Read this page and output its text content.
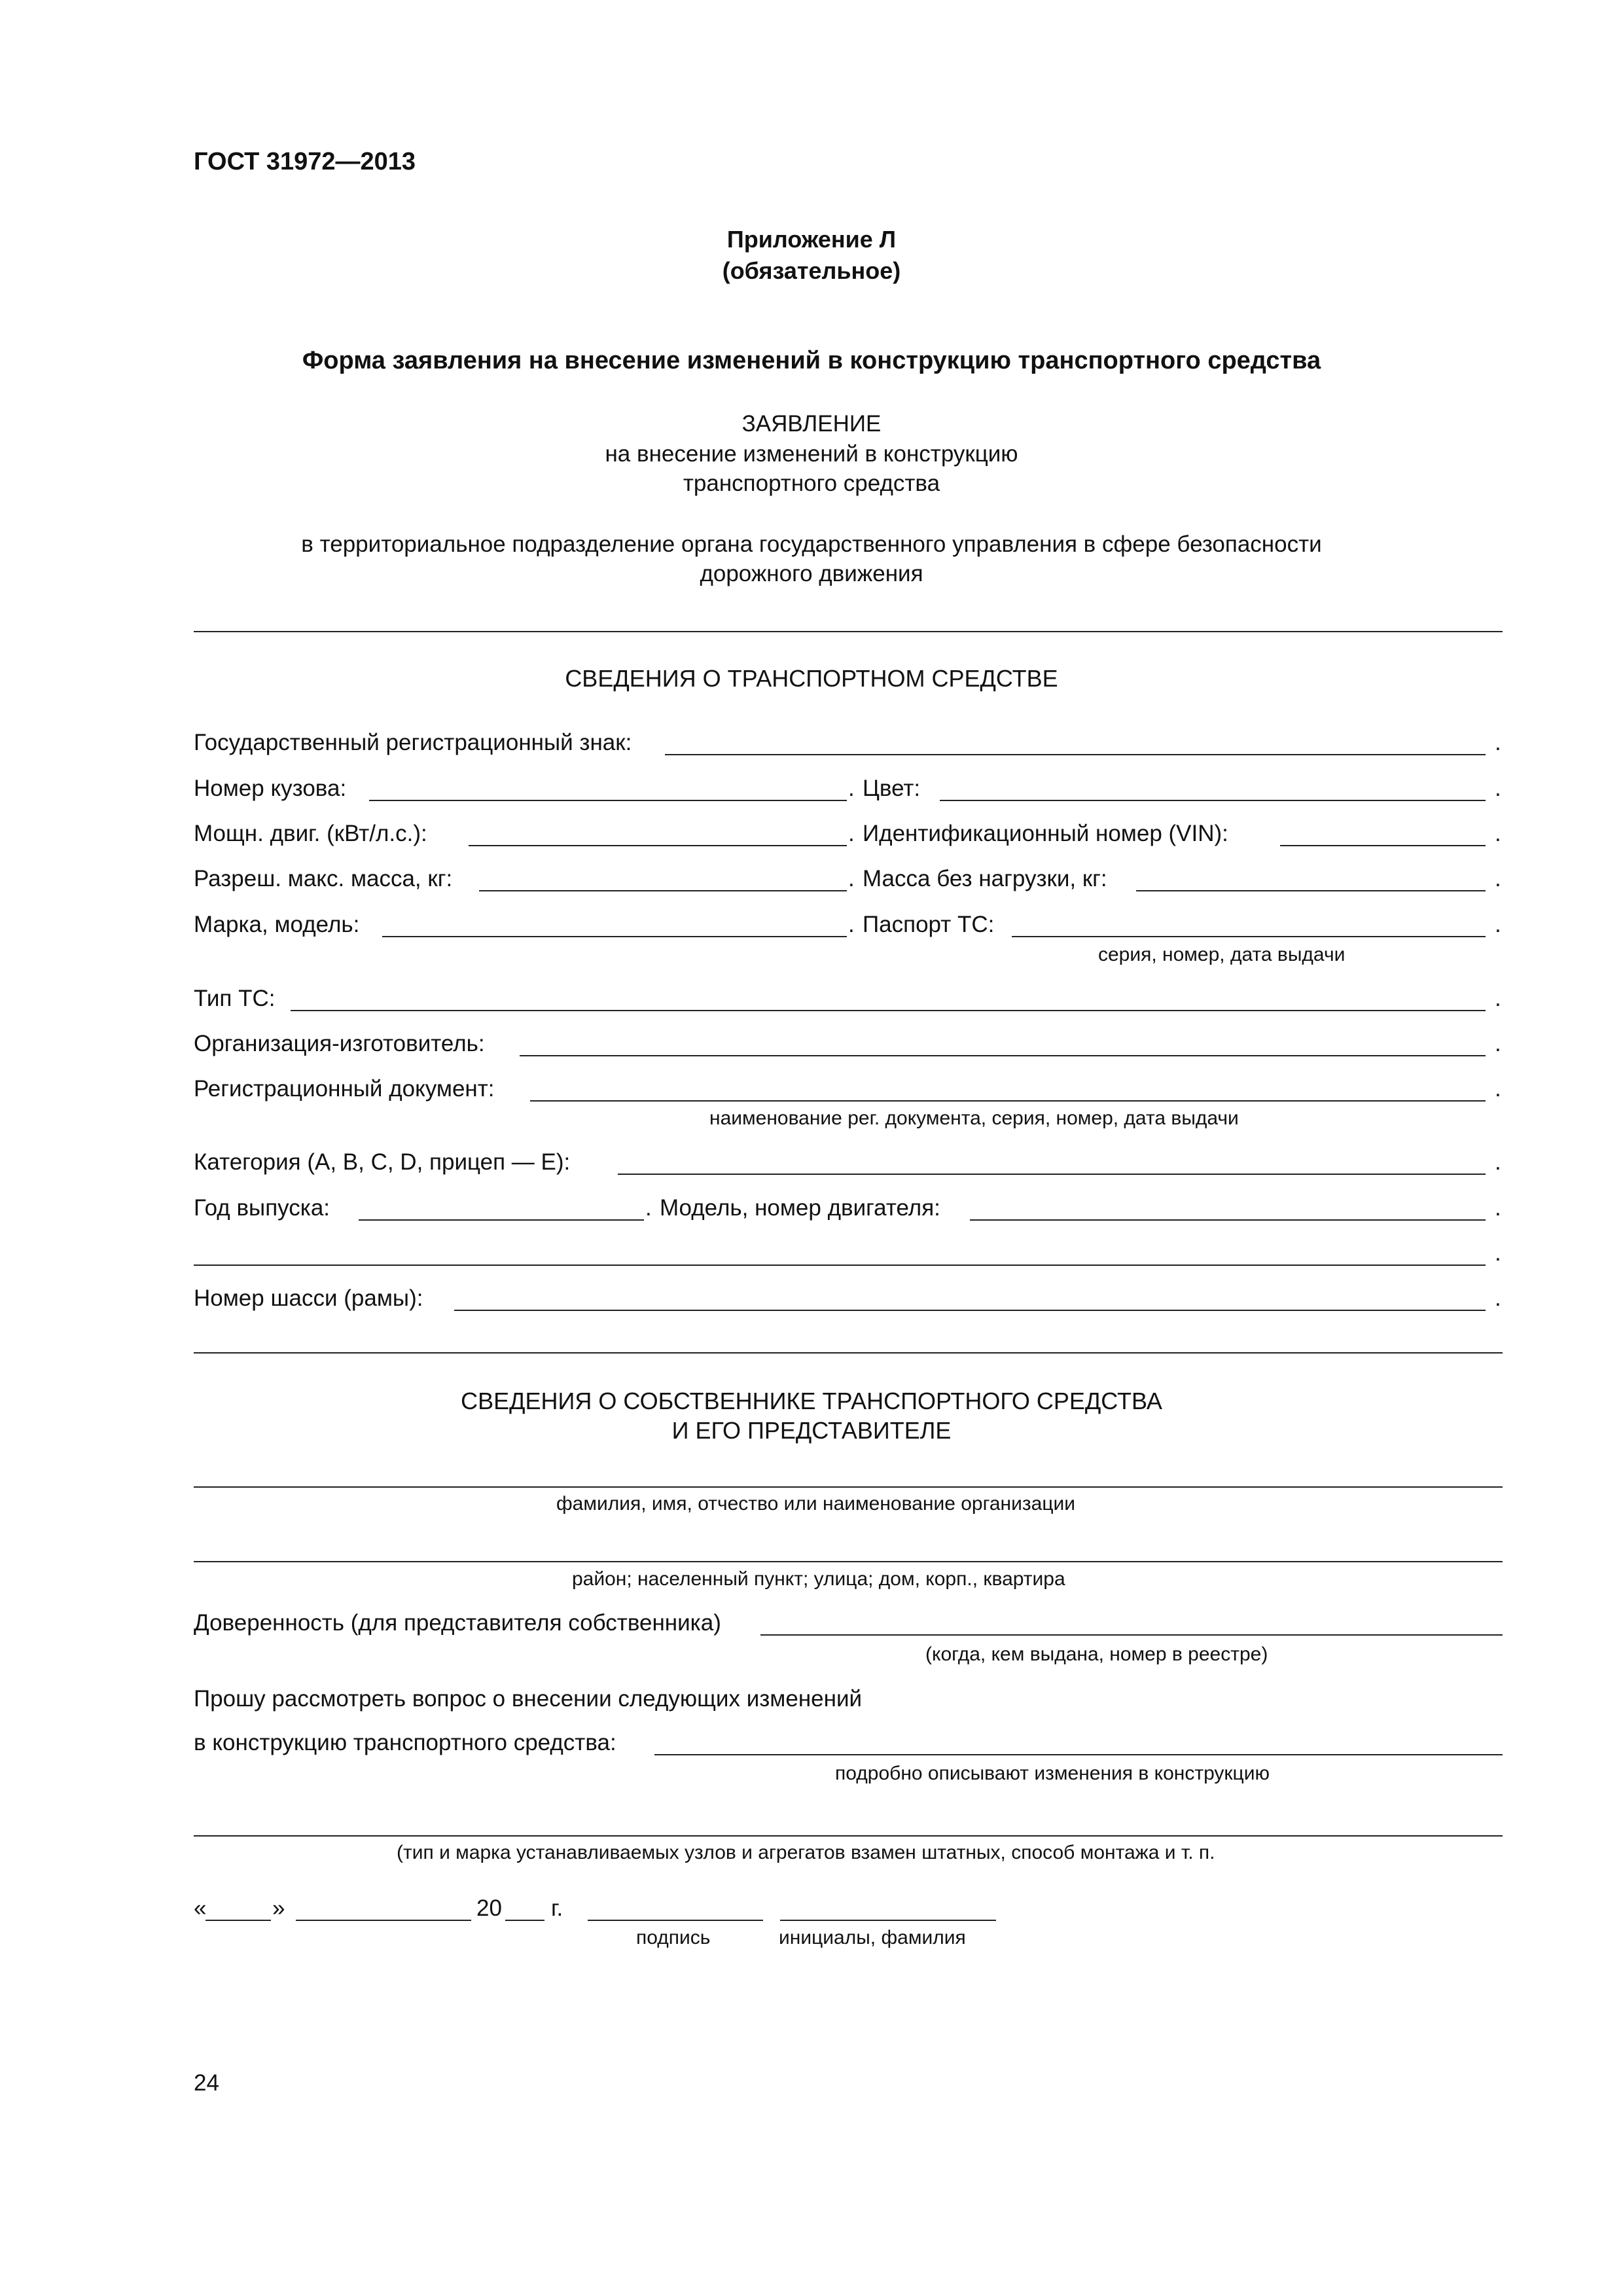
ГОСТ 31972—2013
Приложение Л
(обязательное)
Форма заявления на внесение изменений в конструкцию транспортного средства
ЗАЯВЛЕНИЕ
на внесение изменений в конструкцию
транспортного средства
в территориальное подразделение органа государственного управления в сфере безопасности
дорожного движения
СВЕДЕНИЯ О ТРАНСПОРТНОМ СРЕДСТВЕ
Государственный регистрационный знак:	.
Номер кузова:	. Цвет:	.
Мощн. двиг. (кВт/л.с.):	. Идентификационный номер (VIN):	.
Разреш. макс. масса, кг:	. Масса без нагрузки, кг:	.
Марка, модель:	. Паспорт ТС:	.
серия, номер, дата выдачи
Тип ТС:	.
Организация-изготовитель:	.
Регистрационный документ:	.
наименование рег. документа, серия, номер, дата выдачи
Категория (A, B, C, D, прицеп — E):	.
Год выпуска:	. Модель, номер двигателя:	.
.
Номер шасси (рамы):	.
СВЕДЕНИЯ О СОБСТВЕННИКЕ ТРАНСПОРТНОГО СРЕДСТВА
И ЕГО ПРЕДСТАВИТЕЛЕ
фамилия, имя, отчество или наименование организации
район; населенный пункт; улица; дом, корп., квартира
Доверенность (для представителя собственника)
(когда, кем выдана, номер в реестре)
Прошу рассмотреть вопрос о внесении следующих изменений
в конструкцию транспортного средства:
подробно описывают изменения в конструкцию
(тип и марка устанавливаемых узлов и агрегатов взамен штатных, способ монтажа и т. п.
«	»	20 г.
подпись	инициалы, фамилия
24
